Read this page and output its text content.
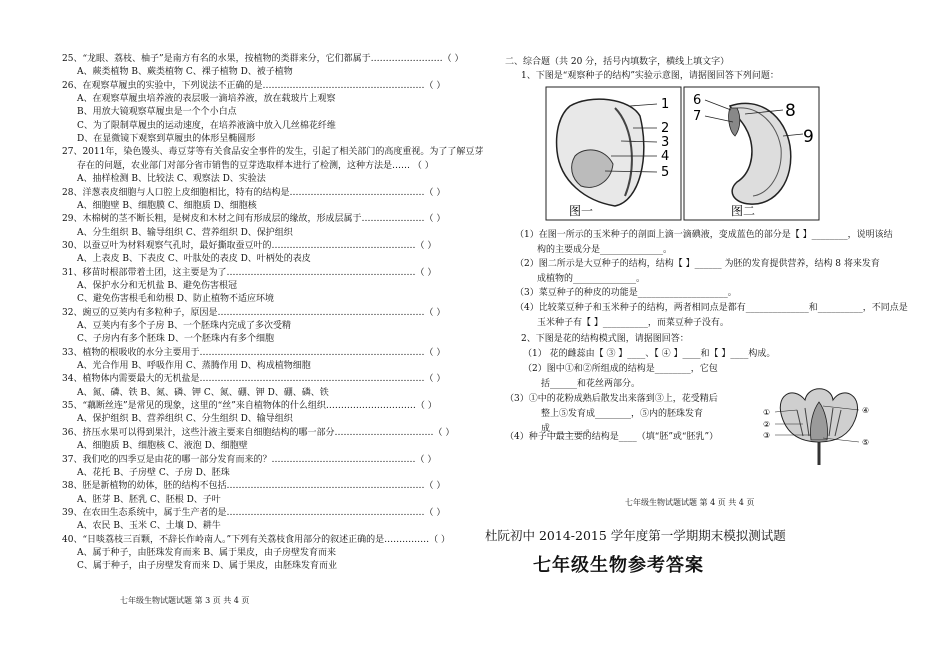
25、“龙眼、荔枝、柚子”是南方有名的水果，按植物的类群来分，它们都属于……………………（ ）
A、蕨类植物 B、蕨类植物 C、裸子植物 D、被子植物
26、在观察草履虫的实验中，下列说法不正确的是………………………………………………（ ）
A、在观察草履虫培养液的表层吸一滴培养液，放在载玻片上观察
B、用放大镜观察草履虫是一个个小白点
C、为了限制草履虫的运动速度，在培养液滴中放入几丝棉花纤维
D、在显微镜下观察到草履虫的体形呈椭圆形
27、2011年，染色馒头、毒豆芽等有关食品安全事件的发生，引起了相关部门的高度重视。为了了解豆芽
存在的问题，农业部门对部分省市销售的豆芽选取样本进行了检测，这种方法是…… （ ）
A、抽样检测 B、比较法 C、观察法 D、实验法
28、洋葱表皮细胞与人口腔上皮细胞相比，特有的结构是………………………………………（ ）
A、细胞壁 B、细胞膜 C、细胞质 D、细胞核
29、木棉树的茎不断长粗，是树皮和木材之间有形成层的缘故，形成层属于…………………（ ）
A、分生组织 B、输导组织 C、营养组织 D、保护组织
30、以蚕豆叶为材料观察气孔时，最好撕取蚕豆叶的…………………………………………（ ）
A、上表皮 B、下表皮 C、叶肽处的表皮 D、叶柄处的表皮
31、移苗时根部带着土团，这主要是为了………………………………………………………（ ）
A、保护水分和无机盐 B、避免伤害根冠
C、避免伤害根毛和幼根 D、防止植物不适应环境
32、豌豆的豆荚内有多粒种子，原因是……………………………………………………………（ ）
A、豆荚内有多个子房 B、一个胚珠内完成了多次受精
C、子房内有多个胚珠 D、一个胚珠内有多个细胞
33、植物的根吸收的水分主要用于…………………………………………………………………（ ）
A、光合作用 B、呼吸作用 C、蒸腾作用 D、构成植物细胞
34、植物体内需要最大的无机盐是…………………………………………………………………（ ）
A、氮、磷、铁 B、氮、磷、钾 C、氮、硼、钾 D、硼、磷、铁
35、“藕断丝连”是常见的现象，这里的“丝”来自植物体的什么组织…………………………（ ）
A、保护组织 B、营养组织 C、分生组织 D、输导组织
36、挤压水果可以得到果汁，这些汁液主要来自细胞结构的哪一部分……………………………（ ）
A、细胞质 B、细胞核 C、液泡 D、细胞壁
37、我们吃的四季豆是由花的哪一部分发育而来的？…………………………………………（ ）
A、花托 B、子房壁 C、子房 D、胚珠
38、胚是新植物的幼体，胚的结构不包括…………………………………………………………（ ）
A、胚芽 B、胚乳 C、胚根 D、子叶
39、在农田生态系统中，属于生产者的是…………………………………………………………（ ）
A、农民 B、玉米 C、土壤 D、耕牛
40、“日啖荔枝三百颗，不辞长作岭南人。”下列有关荔枝食用部分的叙述正确的是……………（ ）
A、属于种子，由胚珠发育而来 B、属于果皮，由子房壁发育而来
C、属于种子，由子房壁发育而来 D、属于果皮，由胚珠发育而业
七年级生物试题试题 第 3 页 共 4 页
二、综合题（共 20 分，括号内填数字，横线上填文字）
1、下图是“观察种子的结构”实验示意图，请据图回答下列问题：
1
2
3
4
5
图一
6
7	8
9
图二
（1）在图一所示的玉米种子的剖面上滴一滴碘液，变成蓝色的部分是【 】________，说明该结
构的主要成分是______________。
（2）图二所示是大豆种子的结构，结构【 】______ 为胚的发育提供营养，结构 8 将来发育
成植物的______________。
（3）菜豆种子的种皮的功能是____________________。
（4）比较菜豆种子和玉米种子的结构，两者相同点是都有______________和__________，不同点是
玉米种子有【 】__________，而菜豆种子没有。
2、下图是花的结构模式图，请据图回答：
（1） 花的雌蕊由【 ③ 】____、【 ④ 】____和【 】____构成。
（2）图中①和②所组成的结构是________，它包
括______和花丝两部分。
（3）①中的花粉成熟后散发出来落到③上，花受精后
整上⑤发育成________，⑤内的胚珠发育
成________。
（4）种子中最主要的结构是____（填“胚”或“胚乳”）
①
②
③
④
⑤
七年级生物试题试题 第 4 页 共 4 页
杜阮初中 2014-2015 学年度第一学期期末模拟测试题
七年级生物参考答案
